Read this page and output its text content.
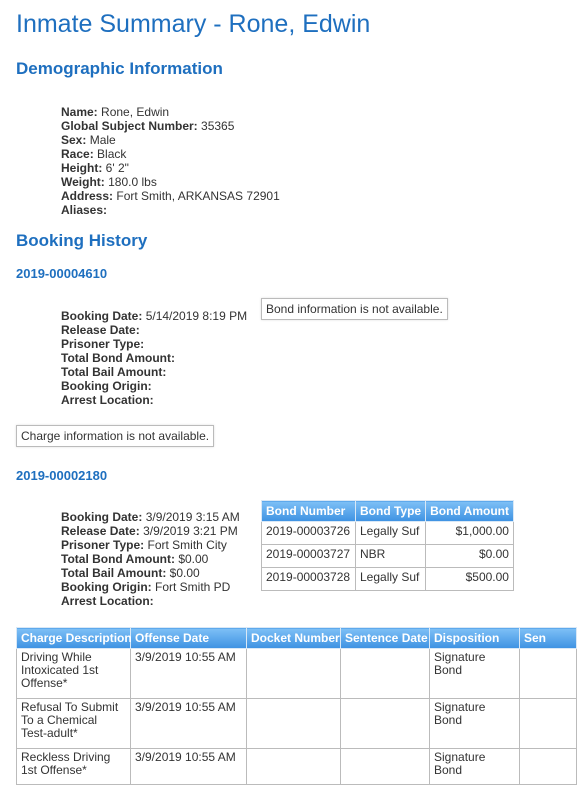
Inmate Summary - Rone, Edwin
Demographic Information
Name: Rone, Edwin
Global Subject Number: 35365
Sex: Male
Race: Black
Height: 6' 2"
Weight: 180.0 lbs
Address: Fort Smith, ARKANSAS 72901
Aliases:
Booking History
2019-00004610
Booking Date: 5/14/2019 8:19 PM
Release Date:
Prisoner Type:
Total Bond Amount:
Total Bail Amount:
Booking Origin:
Arrest Location:
Bond information is not available.
Charge information is not available.
2019-00002180
Booking Date: 3/9/2019 3:15 AM
Release Date: 3/9/2019 3:21 PM
Prisoner Type: Fort Smith City
Total Bond Amount: $0.00
Total Bail Amount: $0.00
Booking Origin: Fort Smith PD
Arrest Location:
Bond Number	Bond Type	Bond Amount
2019-00003726	Legally Suf	$1,000.00
2019-00003727	NBR	$0.00
2019-00003728	Legally Suf	$500.00
Charge Description	Offense Date	Docket Number	Sentence Date	Disposition	Sen
Driving While Intoxicated 1st Offense*	3/9/2019 10:55 AM			Signature Bond	
Refusal To Submit To a Chemical Test-adult*	3/9/2019 10:55 AM			Signature Bond	
Reckless Driving 1st Offense*	3/9/2019 10:55 AM			Signature Bond	
